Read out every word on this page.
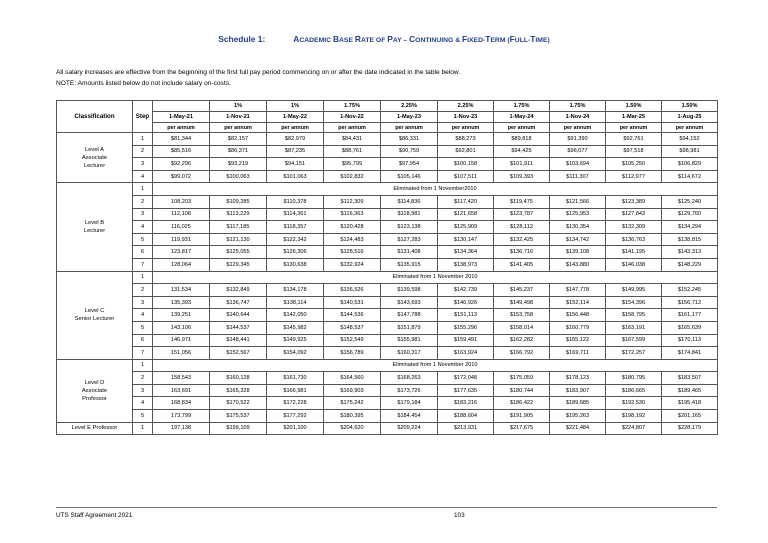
Schedule 1:	ACADEMIC BASE RATE OF PAY – CONTINUING & FIXED-TERM (FULL-TIME)
All salary increases are effective from the beginning of the first full pay period commencing on or after the date indicated in the table below.
NOTE: Amounts listed below do not include salary on-costs.
Classification	Step		1%	1%	1.75%	2.25%	2.25%	1.75%	1.75%	1.50%	1.50%
		1-May-21	1-Nov-21	1-May-22	1-Nov-22	1-May-23	1-Nov-23	1-May-24	1-Nov-24	1-Mar-25	1-Aug-25
		per annum	per annum	per annum	per annum	per annum	per annum	per annum	per annum	per annum	per annum

Level A
Associate
Lecturer	1	$81,344	$82,157	$82,979	$84,431	$86,331	$88,273	$89,818	$91,390	$92,761	$94,152
	2	$85,516	$86,371	$87,235	$88,761	$90,759	$92,801	$94,425	$96,077	$97,518	$98,981
	3	$92,296	$93,219	$94,151	$95,799	$97,954	$100,158	$101,911	$103,694	$105,250	$106,829
	4	$99,072	$100,063	$101,063	$102,832	$105,146	$107,511	$109,393	$111,307	$112,977	$114,672

Level B
Lecturer	1	Eliminated from 1 November2010									
	2	108,203	$109,285	$110,378	$112,309	$114,836	$117,420	$119,475	$121,566	$123,389	$125,240
	3	112,108	$113,229	$114,361	$116,363	$118,981	$121,658	$123,787	$125,953	$127,843	$129,760
	4	116,025	$117,185	$118,357	$120,428	$123,138	$125,909	$128,112	$130,354	$132,309	$134,294
	5	119,931	$121,130	$122,342	$124,483	$127,283	$130,147	$132,425	$134,742	$136,763	$138,815
	6	123,817	$125,055	$126,306	$128,516	$131,408	$134,364	$136,716	$139,108	$141,195	$143,313
	7	128,064	$129,345	$130,638	$132,924	$135,915	$138,973	$141,405	$143,880	$146,038	$148,229

Level C
Senior Lecturer	1	Eliminated from 1 November 2010									
	2	131,534	$132,849	$134,178	$136,526	$139,598	$142,739	$145,237	$147,778	$149,995	$152,245
	3	135,393	$136,747	$138,114	$140,531	$143,693	$146,926	$149,498	$152,114	$154,396	$156,712
	4	139,251	$140,644	$142,050	$144,536	$147,788	$151,113	$153,758	$156,448	$158,795	$161,177
	5	143,106	$144,537	$145,982	$148,537	$151,879	$155,296	$158,014	$160,779	$163,191	$165,639
	6	146,971	$148,441	$149,925	$152,549	$155,981	$159,491	$162,282	$165,122	$167,599	$170,113
	7	151,056	$152,567	$154,092	$156,789	$160,317	$163,924	$166,792	$169,711	$172,257	$174,841

Level D
Associate
Professor	1	Eliminated from 1 November 2010									
	2	158,543	$160,128	$161,730	$164,560	$168,263	$172,048	$175,059	$178,123	$180,795	$183,507
	3	163,691	$165,328	$166,981	$169,903	$173,726	$177,635	$180,744	$183,907	$186,665	$189,465
	4	168,834	$170,522	$172,228	$175,242	$179,184	$183,216	$186,422	$189,685	$192,530	$195,418
	5	173,799	$175,537	$177,292	$180,395	$184,454	$188,604	$191,905	$195,263	$198,192	$201,165

Level E Professor	1	197,138	$199,109	$201,100	$204,620	$209,224	$213,931	$217,675	$221,484	$224,807	$228,179
UTS Staff Agreement 2021	103
